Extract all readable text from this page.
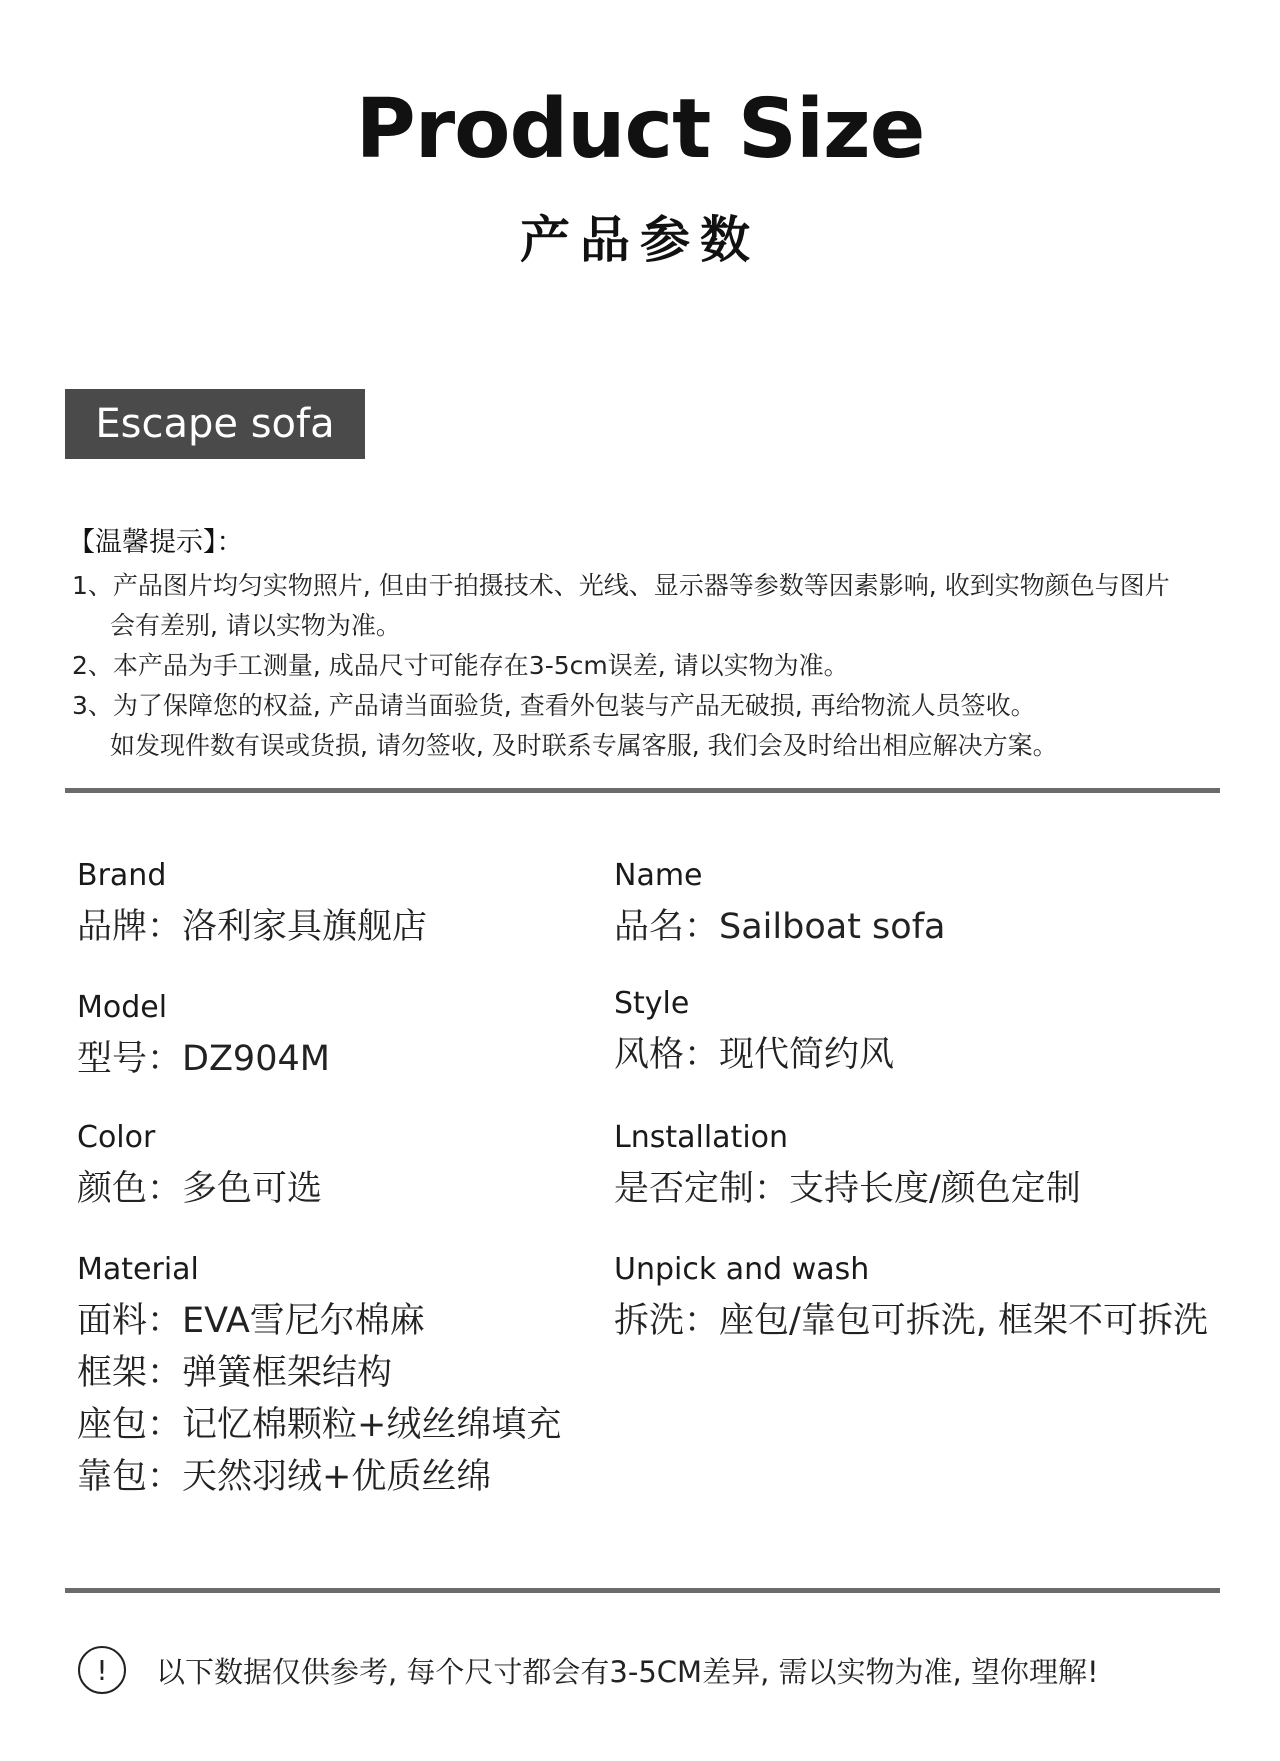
Product Size
产品参数
Escape sofa
【温馨提示】：
1、产品图片均匀实物照片, 但由于拍摄技术、光线、显示器等参数等因素影响, 收到实物颜色与图片
会有差别, 请以实物为准。
2、本产品为手工测量, 成品尺寸可能存在3-5cm误差, 请以实物为准。
3、为了保障您的权益, 产品请当面验货, 查看外包装与产品无破损, 再给物流人员签收。
如发现件数有误或货损, 请勿签收, 及时联系专属客服, 我们会及时给出相应解决方案。
Brand
品牌：洛利家具旗舰店
Model
型号：DZ904M
Color
颜色：多色可选
Material
面料：EVA雪尼尔棉麻
框架：弹簧框架结构
座包：记忆棉颗粒+绒丝绵填充
靠包：天然羽绒+优质丝绵
Name
品名：Sailboat sofa
Style
风格：现代简约风
Lnstallation
是否定制：支持长度/颜色定制
Unpick and wash
拆洗：座包/靠包可拆洗, 框架不可拆洗
!	以下数据仅供参考, 每个尺寸都会有3-5CM差异, 需以实物为准, 望你理解!
